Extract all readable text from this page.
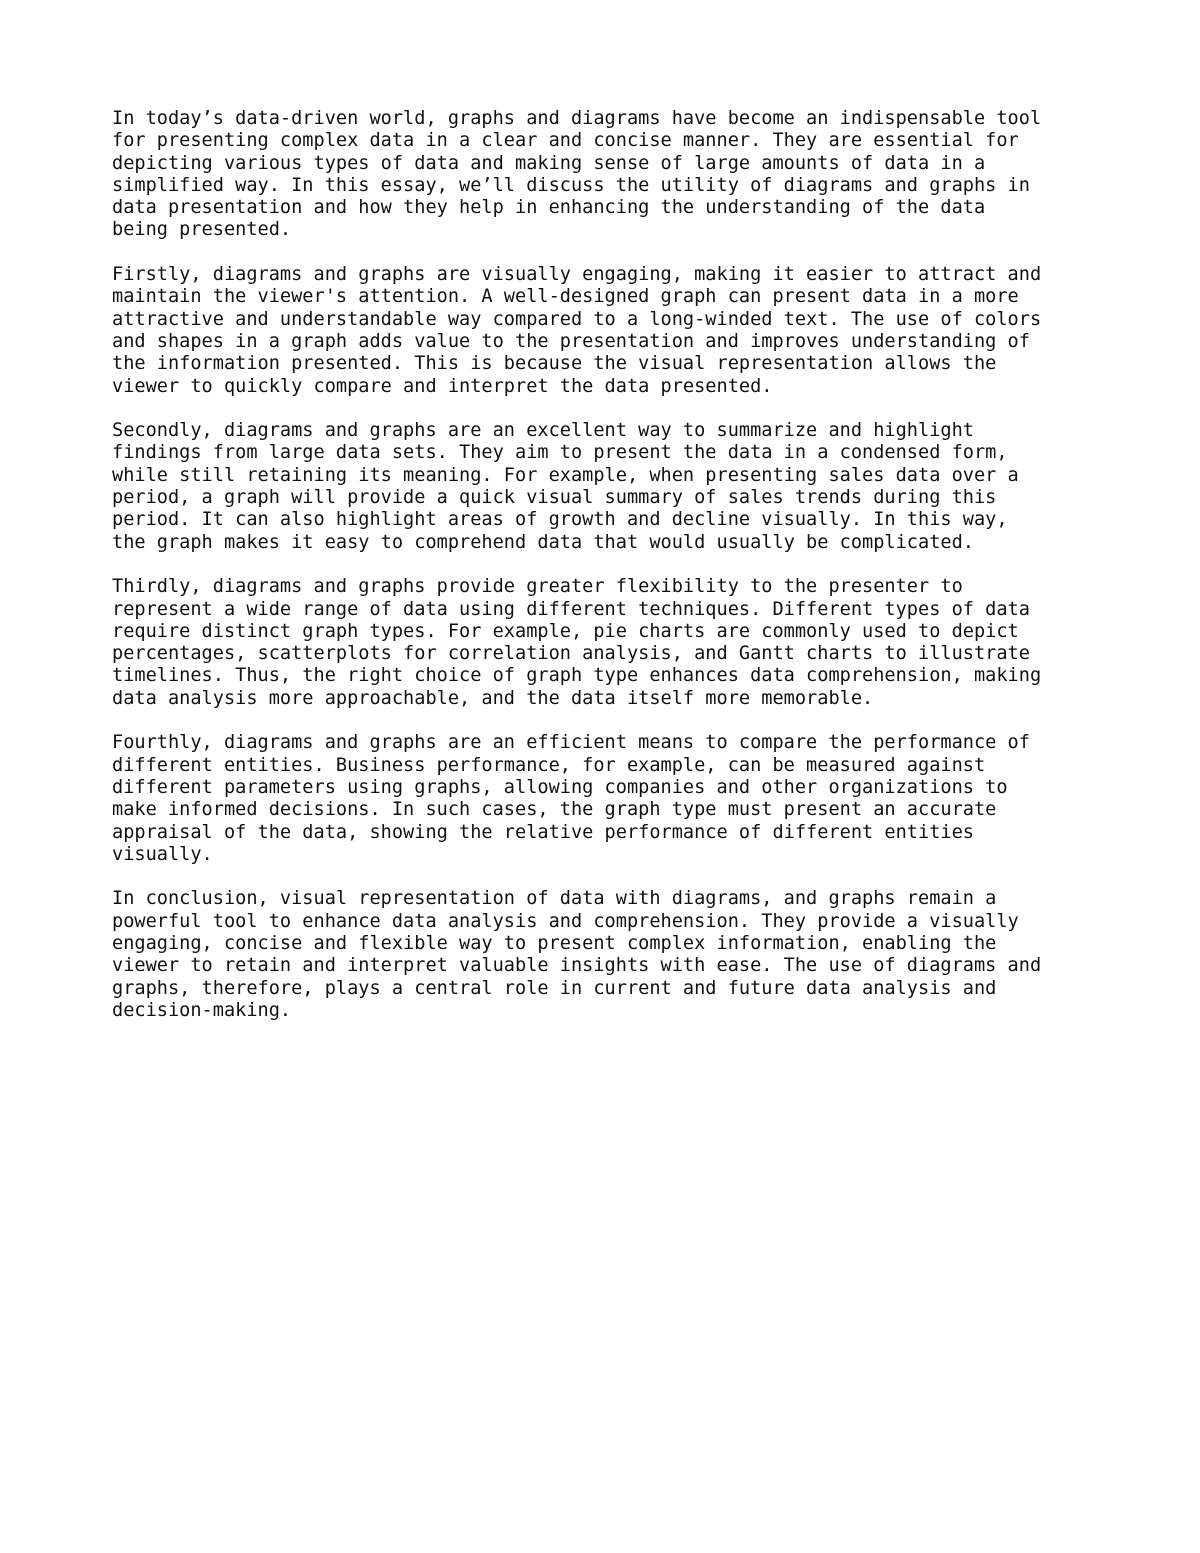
In today’s data-driven world, graphs and diagrams have become an indispensable tool
for presenting complex data in a clear and concise manner. They are essential for
depicting various types of data and making sense of large amounts of data in a
simplified way. In this essay, we’ll discuss the utility of diagrams and graphs in
data presentation and how they help in enhancing the understanding of the data
being presented.

Firstly, diagrams and graphs are visually engaging, making it easier to attract and
maintain the viewer's attention. A well-designed graph can present data in a more
attractive and understandable way compared to a long-winded text. The use of colors
and shapes in a graph adds value to the presentation and improves understanding of
the information presented. This is because the visual representation allows the
viewer to quickly compare and interpret the data presented.

Secondly, diagrams and graphs are an excellent way to summarize and highlight
findings from large data sets. They aim to present the data in a condensed form,
while still retaining its meaning. For example, when presenting sales data over a
period, a graph will provide a quick visual summary of sales trends during this
period. It can also highlight areas of growth and decline visually. In this way,
the graph makes it easy to comprehend data that would usually be complicated.

Thirdly, diagrams and graphs provide greater flexibility to the presenter to
represent a wide range of data using different techniques. Different types of data
require distinct graph types. For example, pie charts are commonly used to depict
percentages, scatterplots for correlation analysis, and Gantt charts to illustrate
timelines. Thus, the right choice of graph type enhances data comprehension, making
data analysis more approachable, and the data itself more memorable.

Fourthly, diagrams and graphs are an efficient means to compare the performance of
different entities. Business performance, for example, can be measured against
different parameters using graphs, allowing companies and other organizations to
make informed decisions. In such cases, the graph type must present an accurate
appraisal of the data, showing the relative performance of different entities
visually.

In conclusion, visual representation of data with diagrams, and graphs remain a
powerful tool to enhance data analysis and comprehension. They provide a visually
engaging, concise and flexible way to present complex information, enabling the
viewer to retain and interpret valuable insights with ease. The use of diagrams and
graphs, therefore, plays a central role in current and future data analysis and
decision-making.
